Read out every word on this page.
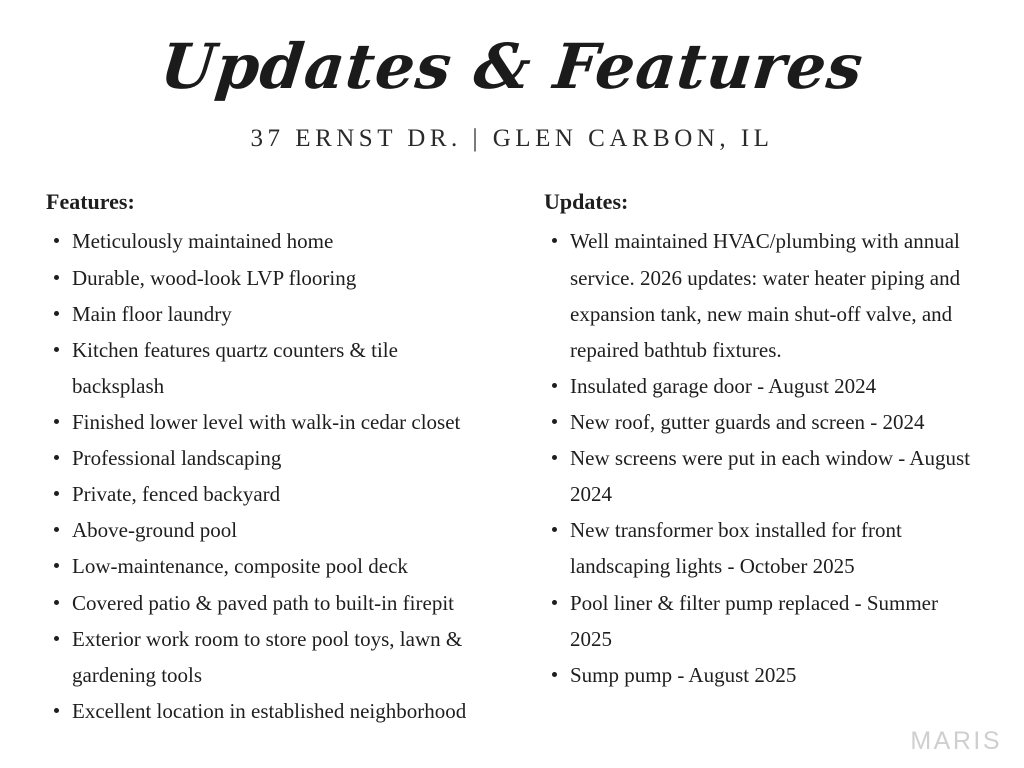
Updates & Features
37 ERNST DR. | GLEN CARBON, IL
Features:
Meticulously maintained home
Durable, wood-look LVP flooring
Main floor laundry
Kitchen features quartz counters & tile backsplash
Finished lower level with walk-in cedar closet
Professional landscaping
Private, fenced backyard
Above-ground pool
Low-maintenance, composite pool deck
Covered patio & paved path to built-in firepit
Exterior work room to store pool toys, lawn & gardening tools
Excellent location in established neighborhood
Updates:
Well maintained HVAC/plumbing with annual service. 2026 updates: water heater piping and expansion tank, new main shut-off valve, and repaired bathtub fixtures.
Insulated garage door - August 2024
New roof, gutter guards and screen - 2024
New screens were put in each window - August 2024
New transformer box installed for front landscaping lights - October 2025
Pool liner & filter pump replaced - Summer 2025
Sump pump - August 2025
MARIS
